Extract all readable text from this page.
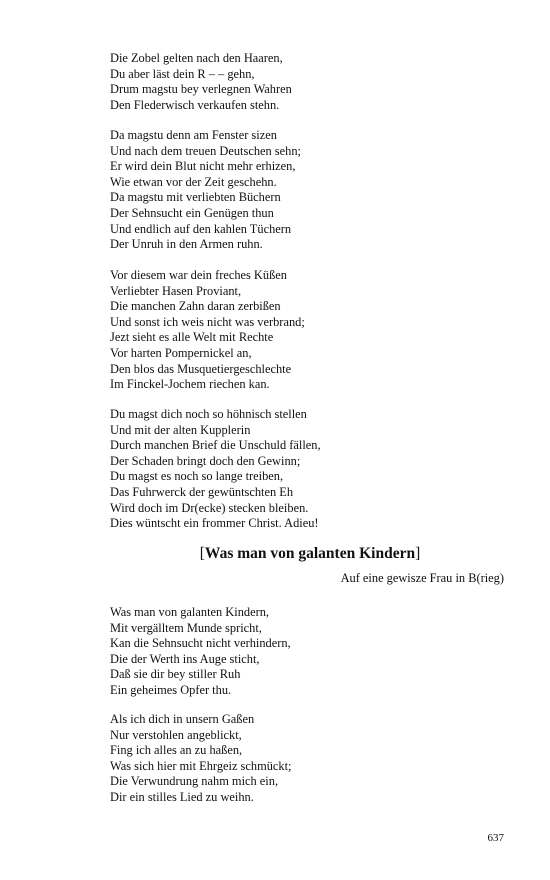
Die Zobel gelten nach den Haaren,
Du aber läst dein R – – gehn,
Drum magstu bey verlegnen Wahren
Den Flederwisch verkaufen stehn.
Da magstu denn am Fenster sizen
Und nach dem treuen Deutschen sehn;
Er wird dein Blut nicht mehr erhizen,
Wie etwan vor der Zeit geschehn.
Da magstu mit verliebten Büchern
Der Sehnsucht ein Genügen thun
Und endlich auf den kahlen Tüchern
Der Unruh in den Armen ruhn.
Vor diesem war dein freches Küßen
Verliebter Hasen Proviant,
Die manchen Zahn daran zerbißen
Und sonst ich weis nicht was verbrand;
Jezt sieht es alle Welt mit Rechte
Vor harten Pompernickel an,
Den blos das Musquetiergeschlechte
Im Finckel-Jochem riechen kan.
Du magst dich noch so höhnisch stellen
Und mit der alten Kupplerin
Durch manchen Brief die Unschuld fällen,
Der Schaden bringt doch den Gewinn;
Du magst es noch so lange treiben,
Das Fuhrwerck der gewüntschten Eh
Wird doch im Dr(ecke) stecken bleiben.
Dies wüntscht ein frommer Christ. Adieu!
[Was man von galanten Kindern]
Auf eine gewisze Frau in B(rieg)
Was man von galanten Kindern,
Mit vergälltem Munde spricht,
Kan die Sehnsucht nicht verhindern,
Die der Werth ins Auge sticht,
Daß sie dir bey stiller Ruh
Ein geheimes Opfer thu.
Als ich dich in unsern Gaßen
Nur verstohlen angeblickt,
Fing ich alles an zu haßen,
Was sich hier mit Ehrgeiz schmückt;
Die Verwundrung nahm mich ein,
Dir ein stilles Lied zu weihn.
637
